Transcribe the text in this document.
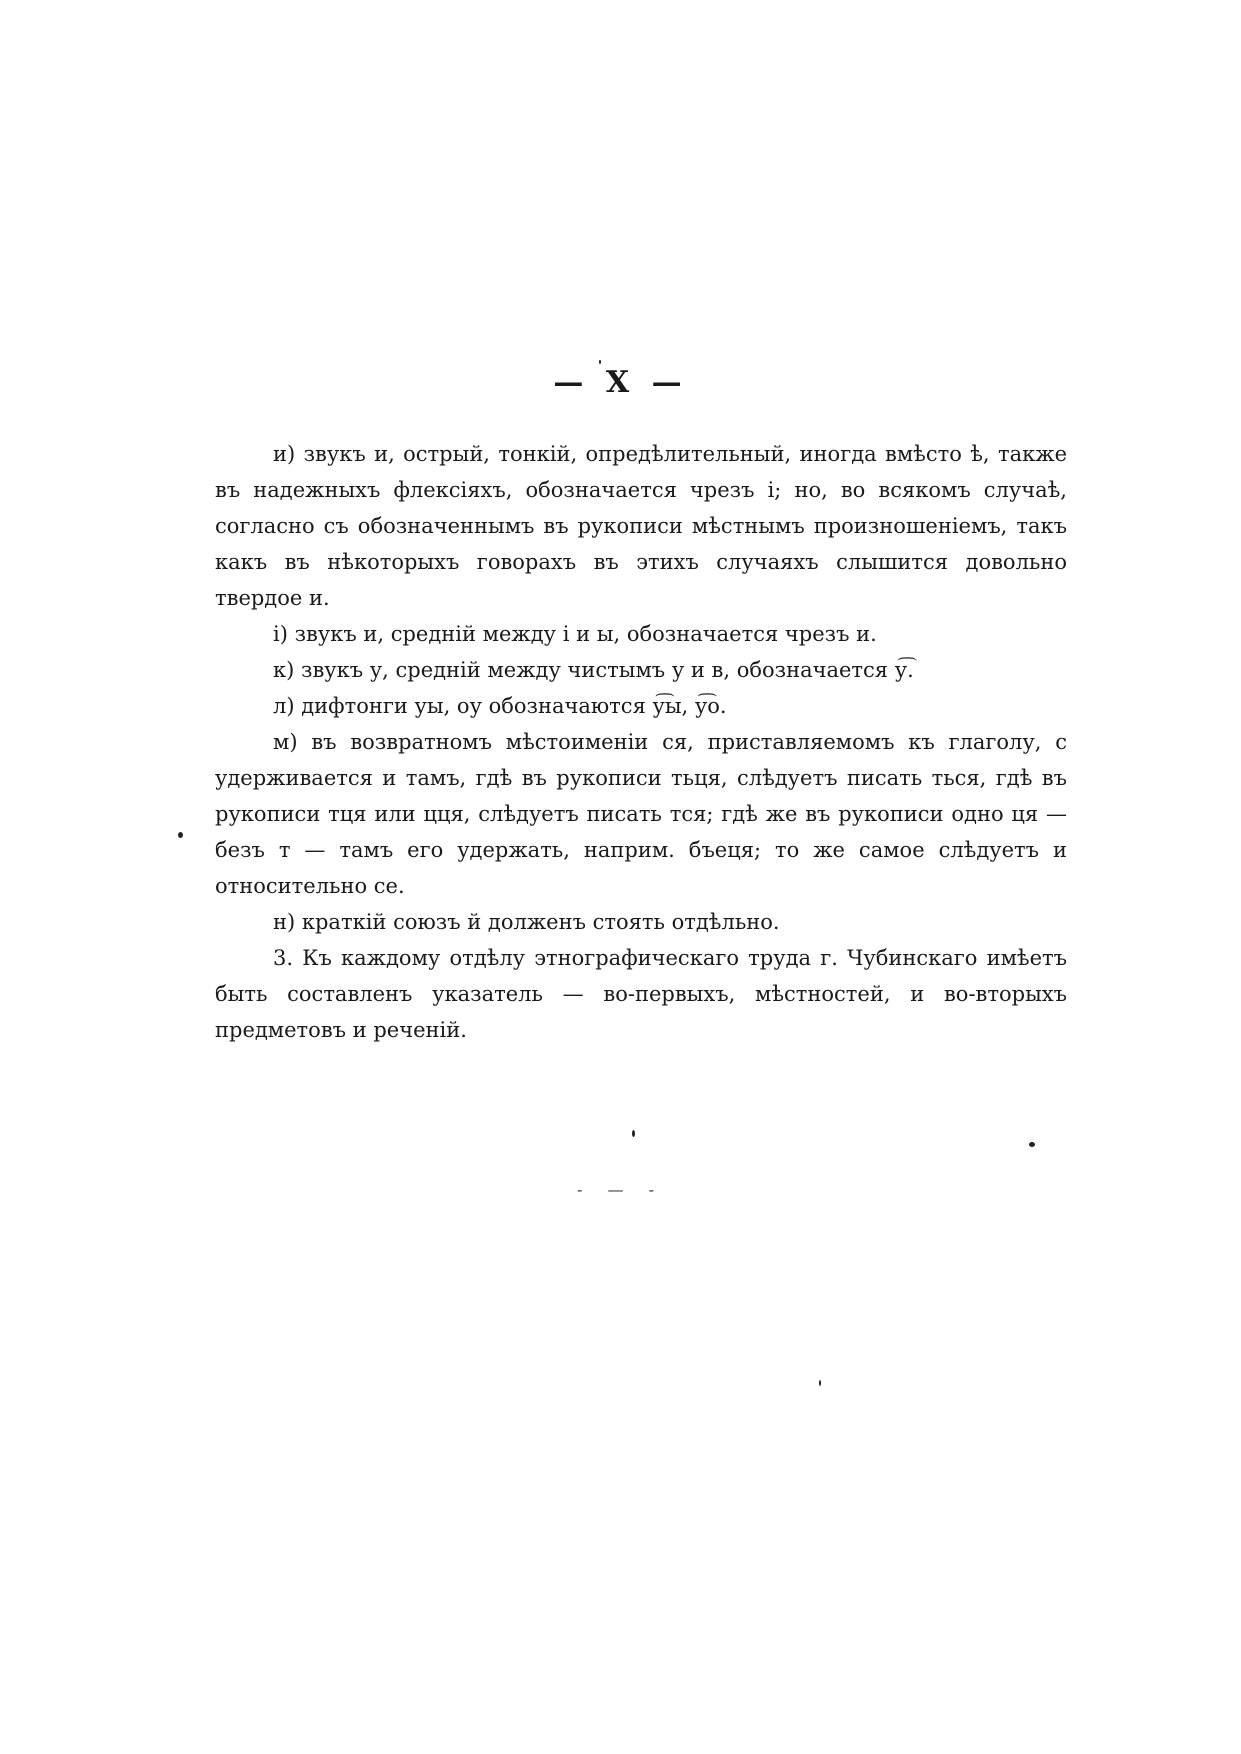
— X —

и) звукъ и, острый, тонкій, опредѣлительный, иногда вмѣсто ѣ, также въ надежныхъ флексіяхъ, обозначается чрезъ і; но, во всякомъ случаѣ, согласно съ обозначеннымъ въ рукописи мѣстнымъ произношеніемъ, такъ какъ въ нѣкоторыхъ говорахъ въ этихъ случаяхъ слышится довольно твердое и.

і) звукъ и, средній между і и ы, обозначается чрезъ и.

к) звукъ у, средній между чистымъ у и в, обозначается у͡.

л) дифтонги уы, оу обозначаются у͡ы, у͡о.

м) въ возвратномъ мѣстоименіи ся, приставляемомъ къ глаголу, с удерживается и тамъ, гдѣ въ рукописи тьця, слѣдуетъ писать ться, гдѣ въ рукописи тця или цця, слѣдуетъ писать тся; гдѣ же въ рукописи одно ця — безъ т — тамъ его удержать, наприм. бъеця; то же самое слѣдуетъ и относительно се.

н) краткій союзъ й долженъ стоять отдѣльно.

3. Къ каждому отдѣлу этнографическаго труда г. Чубинскаго имѣетъ быть составленъ указатель — во-первыхъ, мѣстностей, и во-вторыхъ предметовъ и реченій.

- — -
